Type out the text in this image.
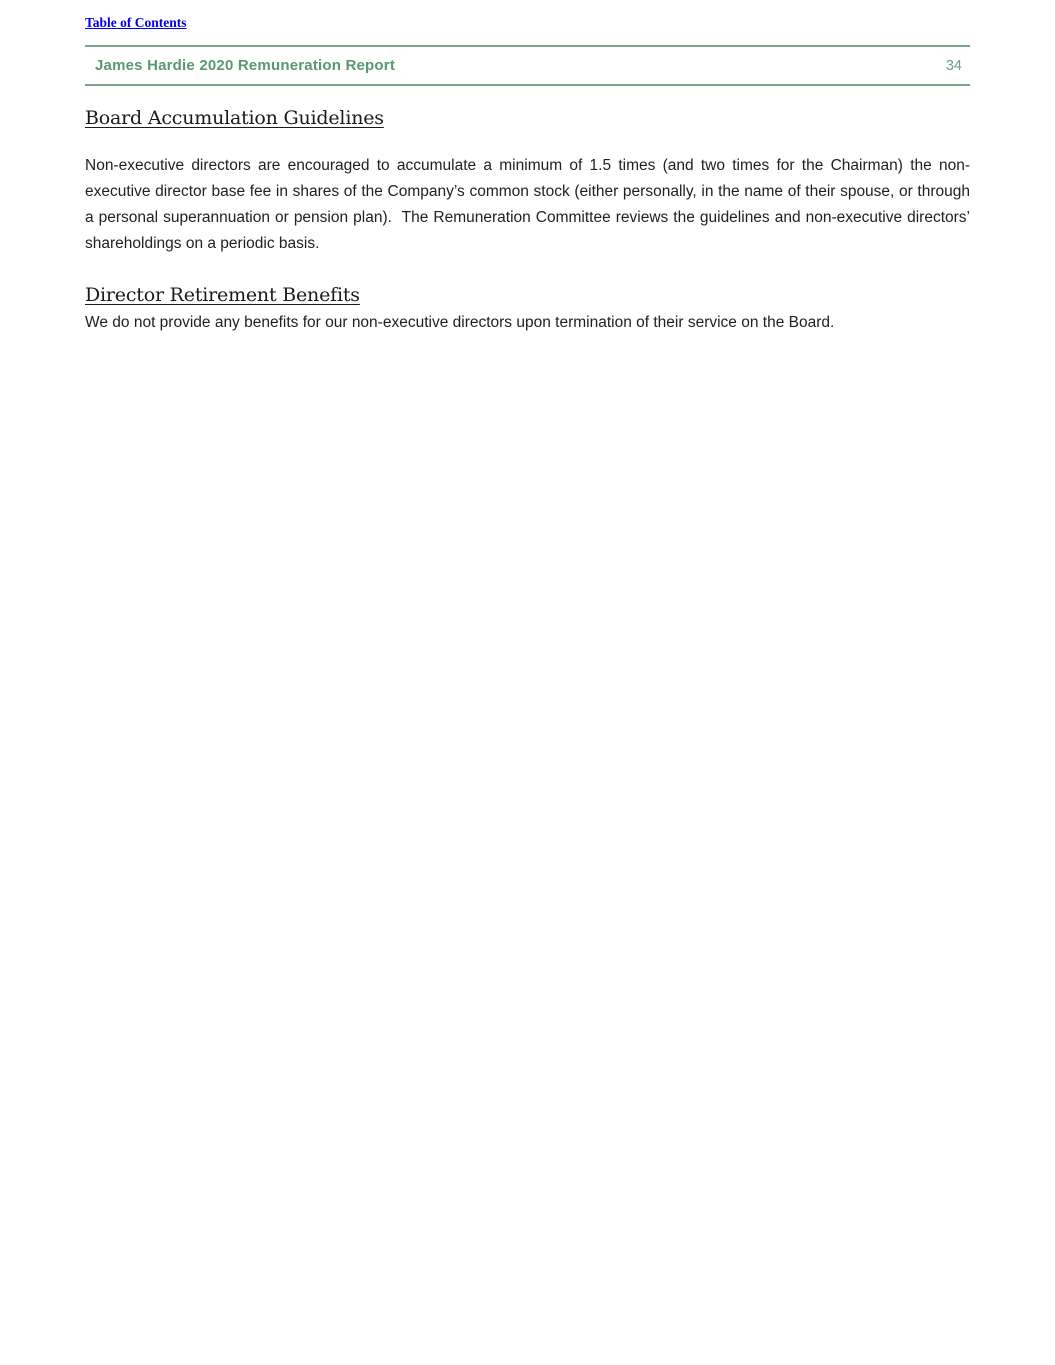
Table of Contents
James Hardie 2020 Remuneration Report	34
Board Accumulation Guidelines

Non-executive directors are encouraged to accumulate a minimum of 1.5 times (and two times for the Chairman) the non-executive director base fee in shares of the Company’s common stock (either personally, in the name of their spouse, or through a personal superannuation or pension plan).  The Remuneration Committee reviews the guidelines and non-executive directors’ shareholdings on a periodic basis.

Director Retirement Benefits

We do not provide any benefits for our non-executive directors upon termination of their service on the Board.
